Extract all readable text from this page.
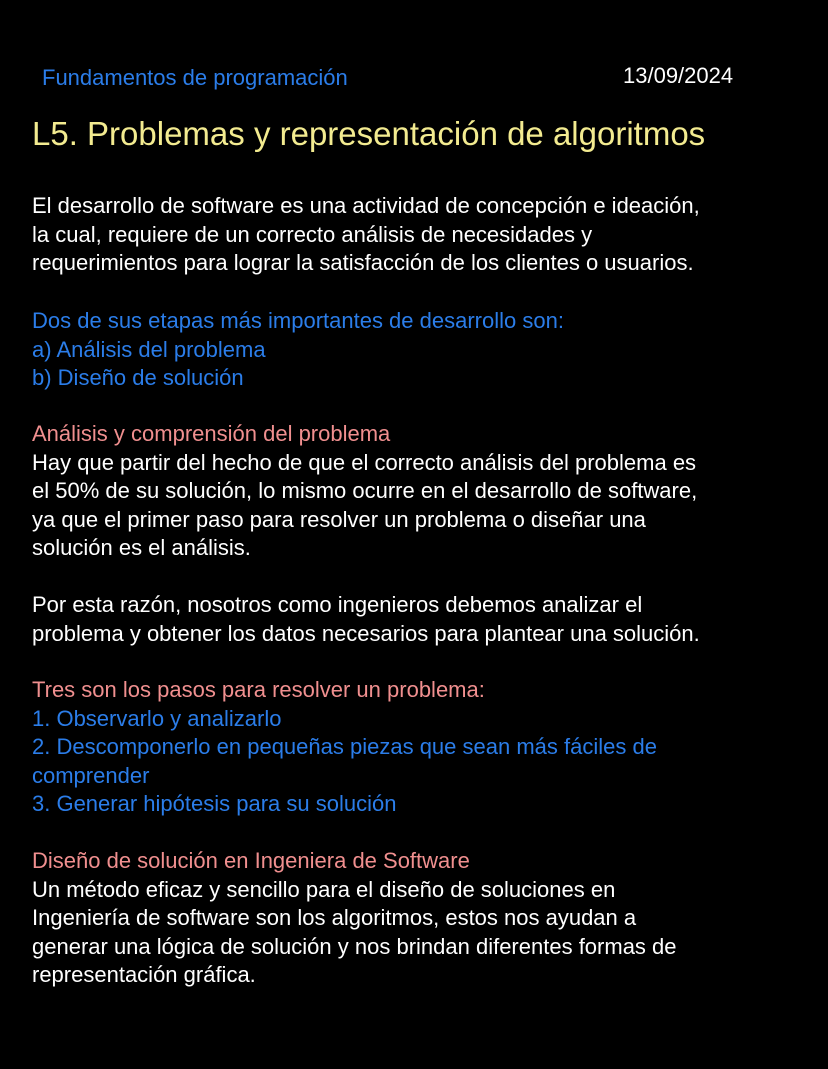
Fundamentos de programación	13/09/2024
L5. Problemas y representación de algoritmos
El desarrollo de software es una actividad de concepción e ideación,
la cual, requiere de un correcto análisis de necesidades y
requerimientos para lograr la satisfacción de los clientes o usuarios.
Dos de sus etapas más importantes de desarrollo son:
a) Análisis del problema
b) Diseño de solución
Análisis y comprensión del problema
Hay que partir del hecho de que el correcto análisis del problema es
el 50% de su solución, lo mismo ocurre en el desarrollo de software,
ya que el primer paso para resolver un problema o diseñar una
solución es el análisis.
Por esta razón, nosotros como ingenieros debemos analizar el
problema y obtener los datos necesarios para plantear una solución.
Tres son los pasos para resolver un problema:
1. Observarlo y analizarlo
2. Descomponerlo en pequeñas piezas que sean más fáciles de
comprender
3. Generar hipótesis para su solución
Diseño de solución en Ingeniera de Software
Un método eficaz y sencillo para el diseño de soluciones en
Ingeniería de software son los algoritmos, estos nos ayudan a
generar una lógica de solución y nos brindan diferentes formas de
representación gráfica.
